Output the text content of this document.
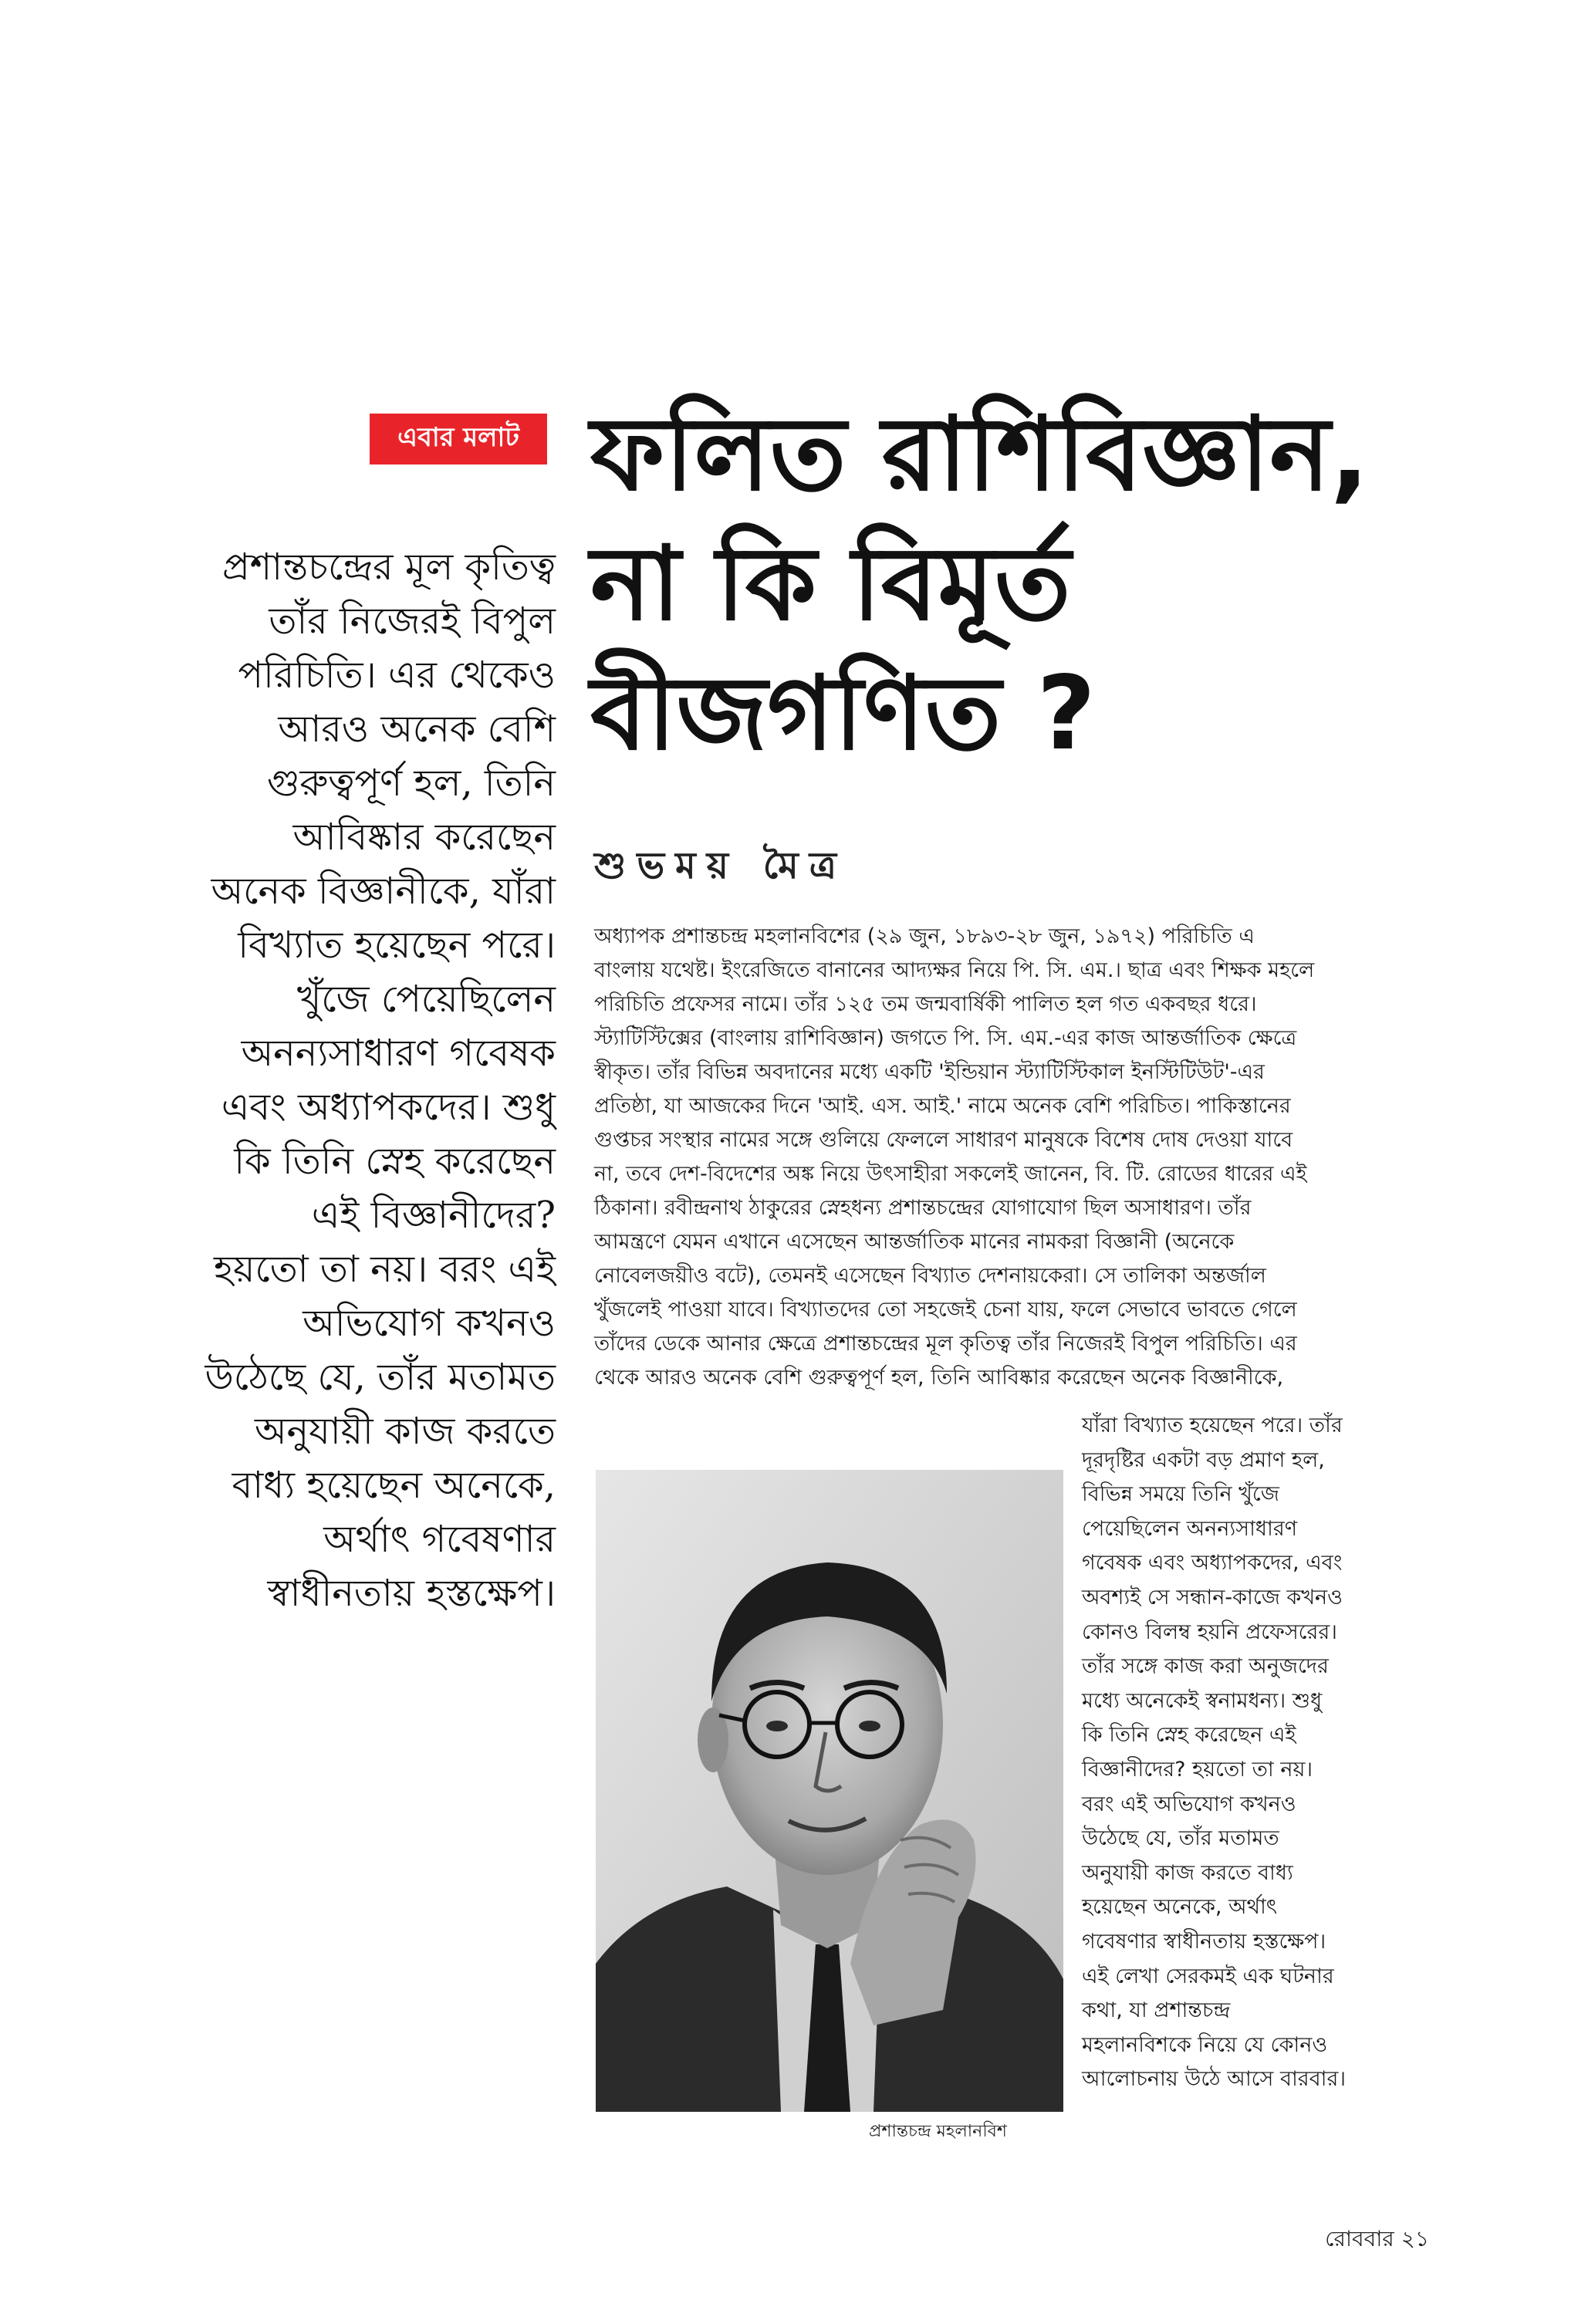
এবার মলাট ফলিত রাশিবিজ্ঞান,
না কি বিমূর্ত
বীজগণিত ?

শুভময় মৈত্র

প্রশান্তচন্দ্রের মূল কৃতিত্ব
তাঁর নিজেরই বিপুল
পরিচিতি। এর থেকেও
আরও অনেক বেশি
গুরুত্বপূর্ণ হল, তিনি
আবিষ্কার করেছেন
অনেক বিজ্ঞানীকে, যাঁরা
বিখ্যাত হয়েছেন পরে।
খুঁজে পেয়েছিলেন
অনন্যসাধারণ গবেষক
এবং অধ্যাপকদের। শুধু
কি তিনি স্নেহ করেছেন
এই বিজ্ঞানীদের?
হয়তো তা নয়। বরং এই
অভিযোগ কখনও
উঠেছে যে, তাঁর মতামত
অনুযায়ী কাজ করতে
বাধ্য হয়েছেন অনেকে,
অর্থাৎ গবেষণার
স্বাধীনতায় হস্তক্ষেপ।
অধ্যাপক প্রশান্তচন্দ্র মহলানবিশের (২৯ জুন, ১৮৯৩-২৮ জুন, ১৯৭২) পরিচিতি এ
বাংলায় যথেষ্ট। ইংরেজিতে বানানের আদ্যক্ষর নিয়ে পি. সি. এম.। ছাত্র এবং শিক্ষক মহলে
পরিচিতি প্রফেসর নামে। তাঁর ১২৫ তম জন্মবার্ষিকী পালিত হল গত একবছর ধরে।
স্ট্যাটিস্টিক্সের (বাংলায় রাশিবিজ্ঞান) জগতে পি. সি. এম.-এর কাজ আন্তর্জাতিক ক্ষেত্রে
স্বীকৃত। তাঁর বিভিন্ন অবদানের মধ্যে একটি 'ইন্ডিয়ান স্ট্যাটিস্টিকাল ইনস্টিটিউট'-এর
প্রতিষ্ঠা, যা আজকের দিনে 'আই. এস. আই.' নামে অনেক বেশি পরিচিত। পাকিস্তানের
গুপ্তচর সংস্থার নামের সঙ্গে গুলিয়ে ফেললে সাধারণ মানুষকে বিশেষ দোষ দেওয়া যাবে
না, তবে দেশ-বিদেশের অঙ্ক নিয়ে উৎসাহীরা সকলেই জানেন, বি. টি. রোডের ধারের এই
ঠিকানা। রবীন্দ্রনাথ ঠাকুরের স্নেহধন্য প্রশান্তচন্দ্রের যোগাযোগ ছিল অসাধারণ। তাঁর
আমন্ত্রণে যেমন এখানে এসেছেন আন্তর্জাতিক মানের নামকরা বিজ্ঞানী (অনেকে
নোবেলজয়ীও বটে), তেমনই এসেছেন বিখ্যাত দেশনায়কেরা। সে তালিকা অন্তর্জাল
খুঁজলেই পাওয়া যাবে। বিখ্যাতদের তো সহজেই চেনা যায়, ফলে সেভাবে ভাবতে গেলে
তাঁদের ডেকে আনার ক্ষেত্রে প্রশান্তচন্দ্রের মূল কৃতিত্ব তাঁর নিজেরই বিপুল পরিচিতি। এর
থেকে আরও অনেক বেশি গুরুত্বপূর্ণ হল, তিনি আবিষ্কার করেছেন অনেক বিজ্ঞানীকে,
যাঁরা বিখ্যাত হয়েছেন পরে। তাঁর
দূরদৃষ্টির একটা বড় প্রমাণ হল,
বিভিন্ন সময়ে তিনি খুঁজে
পেয়েছিলেন অনন্যসাধারণ
গবেষক এবং অধ্যাপকদের, এবং
অবশ্যই সে সন্ধান-কাজে কখনও
কোনও বিলম্ব হয়নি প্রফেসরের।
তাঁর সঙ্গে কাজ করা অনুজদের
মধ্যে অনেকেই স্বনামধন্য। শুধু
কি তিনি স্নেহ করেছেন এই
বিজ্ঞানীদের? হয়তো তা নয়।
বরং এই অভিযোগ কখনও
উঠেছে যে, তাঁর মতামত
অনুযায়ী কাজ করতে বাধ্য
হয়েছেন অনেকে, অর্থাৎ
গবেষণার স্বাধীনতায় হস্তক্ষেপ।
এই লেখা সেরকমই এক ঘটনার
কথা, যা প্রশান্তচন্দ্র
মহলানবিশকে নিয়ে যে কোনও
আলোচনায় উঠে আসে বারবার।
প্রশান্তচন্দ্র মহলানবিশ
রোববার ২১
